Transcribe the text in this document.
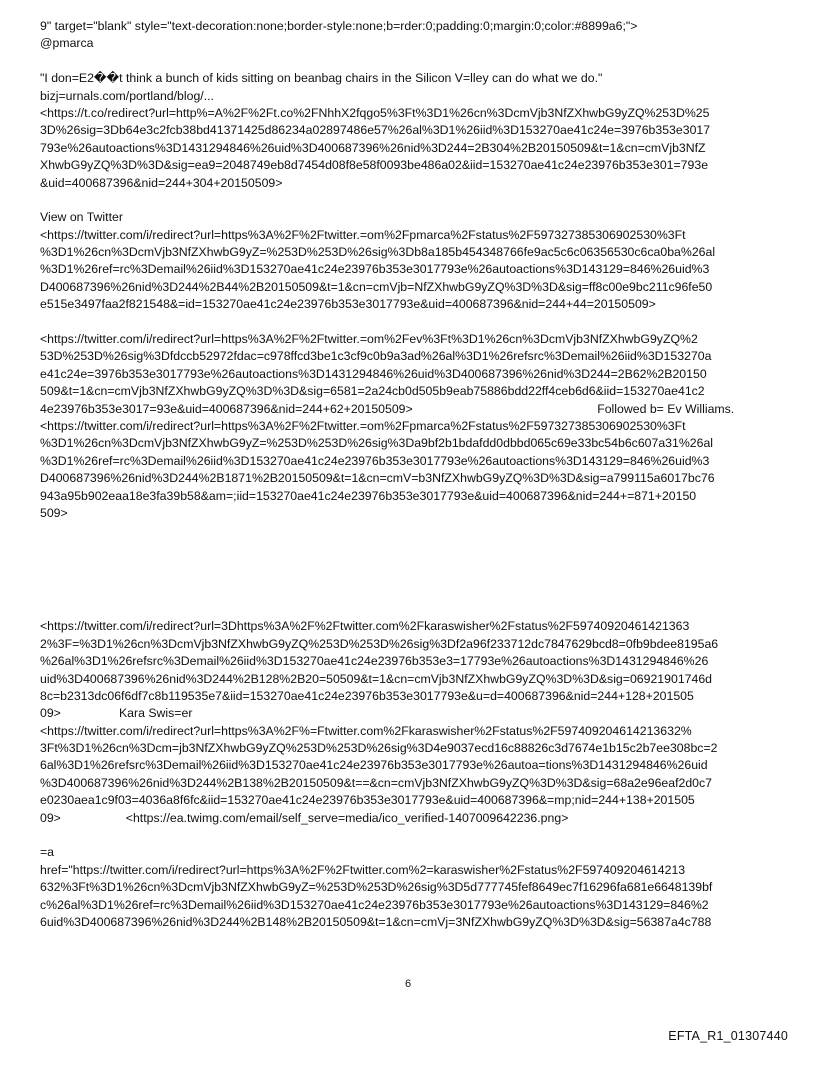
9" target="blank" style="text-decoration:none;border-style:none;b=rder:0;padding:0;margin:0;color:#8899a6;">
@pmarca
"I don=E2��t think a bunch of kids sitting on beanbag chairs in the Silicon V=lley can do what we do."
bizj=urnals.com/portland/blog/...
<https://t.co/redirect?url=http%=A%2F%2Ft.co%2FNhhX2fqgo5%3Ft%3D1%26cn%3DcmVjb3NfZXhwbG9yZQ%253D%25
3D%26sig=3Db64e3c2fcb38bd41371425d86234a02897486e57%26al%3D1%26iid%3D153270ae41c24e=3976b353e3017
793e%26autoactions%3D1431294846%26uid%3D400687396%26nid%3D244=2B304%2B20150509&t=1&cn=cmVjb3NfZ
XhwbG9yZQ%3D%3D&sig=ea9=2048749eb8d7454d08f8e58f0093be486a02&iid=153270ae41c24e23976b353e301=793e
&uid=400687396&nid=244+304+20150509>
View on Twitter
<https://twitter.com/i/redirect?url=https%3A%2F%2Ftwitter.=om%2Fpmarca%2Fstatus%2F597327385306902530%3Ft
%3D1%26cn%3DcmVjb3NfZXhwbG9yZ=%253D%253D%26sig%3Db8a185b454348766fe9ac5c6c06356530c6ca0ba%26al
%3D1%26ref=rc%3Demail%26iid%3D153270ae41c24e23976b353e3017793e%26autoactions%3D143129=846%26uid%3
D400687396%26nid%3D244%2B44%2B20150509&t=1&cn=cmVjb=NfZXhwbG9yZQ%3D%3D&sig=ff8c00e9bc211c96fe50
e515e3497faa2f821548&=id=153270ae41c24e23976b353e3017793e&uid=400687396&nid=244+44=20150509>
<https://twitter.com/i/redirect?url=https%3A%2F%2Ftwitter.=om%2Fev%3Ft%3D1%26cn%3DcmVjb3NfZXhwbG9yZQ%2
53D%253D%26sig%3Dfdccb52972fdac=c978ffcd3be1c3cf9c0b9a3ad%26al%3D1%26refsrc%3Demail%26iid%3D153270a
e41c24e=3976b353e3017793e%26autoactions%3D1431294846%26uid%3D400687396%26nid%3D244=2B62%2B20150
509&t=1&cn=cmVjb3NfZXhwbG9yZQ%3D%3D&sig=6581=2a24cb0d505b9eab75886bdd22ff4ceb6d6&iid=153270ae41c2
4e23976b353e3017=93e&uid=400687396&nid=244+62+20150509>                                                      Followed b= Ev Williams.
<https://twitter.com/i/redirect?url=https%3A%2F%2Ftwitter.=om%2Fpmarca%2Fstatus%2F597327385306902530%3Ft
%3D1%26cn%3DcmVjb3NfZXhwbG9yZ=%253D%253D%26sig%3Da9bf2b1bdafdd0dbbd065c69e33bc54b6c607a31%26al
%3D1%26ref=rc%3Demail%26iid%3D153270ae41c24e23976b353e3017793e%26autoactions%3D143129=846%26uid%3
D400687396%26nid%3D244%2B1871%2B20150509&t=1&cn=cmV=b3NfZXhwbG9yZQ%3D%3D&sig=a799115a6017bc76
943a95b902eaa18e3fa39b58&am=;iid=153270ae41c24e23976b353e3017793e&uid=400687396&nid=244+=871+20150
509>
<https://twitter.com/i/redirect?url=3Dhttps%3A%2F%2Ftwitter.com%2Fkaraswisher%2Fstatus%2F59740920461421363
2%3F=%3D1%26cn%3DcmVjb3NfZXhwbG9yZQ%253D%253D%26sig%3Df2a96f233712dc7847629bcd8=0fb9bdee8195a6
%26al%3D1%26refsrc%3Demail%26iid%3D153270ae41c24e23976b353e3=17793e%26autoactions%3D1431294846%26
uid%3D400687396%26nid%3D244%2B128%2B20=50509&t=1&cn=cmVjb3NfZXhwbG9yZQ%3D%3D&sig=06921901746d
8c=b2313dc06f6df7c8b119535e7&iid=153270ae41c24e23976b353e3017793e&u=d=400687396&nid=244+128+201505
09>                 Kara Swis=er
<https://twitter.com/i/redirect?url=https%3A%2F%=Ftwitter.com%2Fkaraswisher%2Fstatus%2F597409204614213632%
3Ft%3D1%26cn%3Dcm=jb3NfZXhwbG9yZQ%253D%253D%26sig%3D4e9037ecd16c88826c3d7674e1b15c2b7ee308bc=2
6al%3D1%26refsrc%3Demail%26iid%3D153270ae41c24e23976b353e3017793e%26autoa=tions%3D1431294846%26uid
%3D400687396%26nid%3D244%2B138%2B20150509&t==&cn=cmVjb3NfZXhwbG9yZQ%3D%3D&sig=68a2e96eaf2d0c7
e0230aea1c9f03=4036a8f6fc&iid=153270ae41c24e23976b353e3017793e&uid=400687396&=mp;nid=244+138+201505
09>                   <https://ea.twimg.com/email/self_serve=media/ico_verified-1407009642236.png>
=a
href="https://twitter.com/i/redirect?url=https%3A%2F%2Ftwitter.com%2=karaswisher%2Fstatus%2F597409204614213
632%3Ft%3D1%26cn%3DcmVjb3NfZXhwbG9yZ=%253D%253D%26sig%3D5d777745fef8649ec7f16296fa681e6648139bf
c%26al%3D1%26ref=rc%3Demail%26iid%3D153270ae41c24e23976b353e3017793e%26autoactions%3D143129=846%2
6uid%3D400687396%26nid%3D244%2B148%2B20150509&t=1&cn=cmVj=3NfZXhwbG9yZQ%3D%3D&sig=56387a4c788
6
EFTA_R1_01307440
